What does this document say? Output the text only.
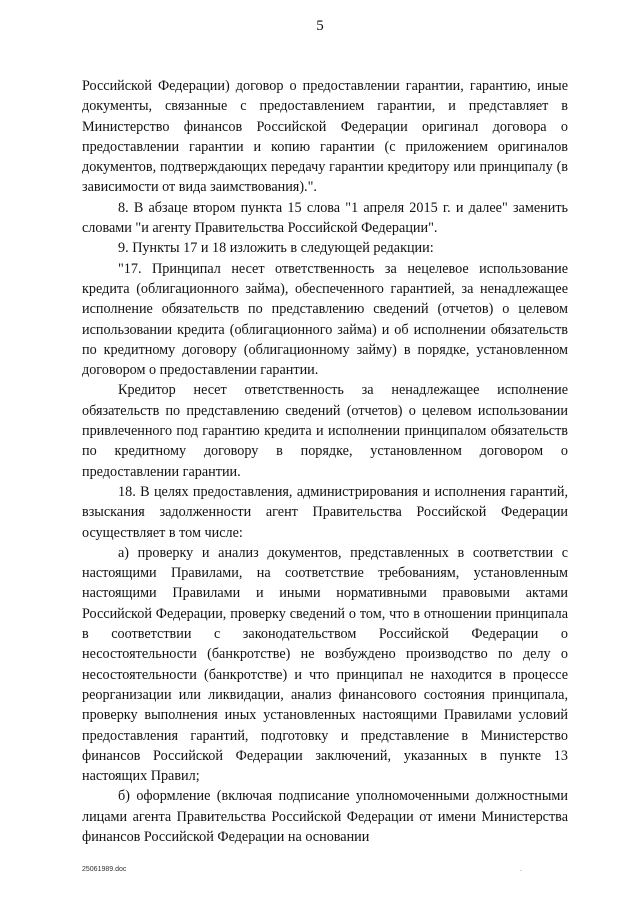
5

Российской Федерации) договор о предоставлении гарантии, гарантию, иные документы, связанные с предоставлением гарантии, и представляет в Министерство финансов Российской Федерации оригинал договора о предоставлении гарантии и копию гарантии (с приложением оригиналов документов, подтверждающих передачу гарантии кредитору или принципалу (в зависимости от вида заимствования).".

8. В абзаце втором пункта 15 слова "1 апреля 2015 г. и далее" заменить словами "и агенту Правительства Российской Федерации".

9. Пункты 17 и 18 изложить в следующей редакции:

"17. Принципал несет ответственность за нецелевое использование кредита (облигационного займа), обеспеченного гарантией, за ненадлежащее исполнение обязательств по представлению сведений (отчетов) о целевом использовании кредита (облигационного займа) и об исполнении обязательств по кредитному договору (облигационному займу) в порядке, установленном договором о предоставлении гарантии.

Кредитор несет ответственность за ненадлежащее исполнение обязательств по представлению сведений (отчетов) о целевом использовании привлеченного под гарантию кредита и исполнении принципалом обязательств по кредитному договору в порядке, установленном договором о предоставлении гарантии.

18. В целях предоставления, администрирования и исполнения гарантий, взыскания задолженности агент Правительства Российской Федерации осуществляет в том числе:

а) проверку и анализ документов, представленных в соответствии с настоящими Правилами, на соответствие требованиям, установленным настоящими Правилами и иными нормативными правовыми актами Российской Федерации, проверку сведений о том, что в отношении принципала в соответствии с законодательством Российской Федерации о несостоятельности (банкротстве) не возбуждено производство по делу о несостоятельности (банкротстве) и что принципал не находится в процессе реорганизации или ликвидации, анализ финансового состояния принципала, проверку выполнения иных установленных настоящими Правилами условий предоставления гарантий, подготовку и представление в Министерство финансов Российской Федерации заключений, указанных в пункте 13 настоящих Правил;

б) оформление (включая подписание уполномоченными должностными лицами агента Правительства Российской Федерации от имени Министерства финансов Российской Федерации на основании

25061989.doc	.
